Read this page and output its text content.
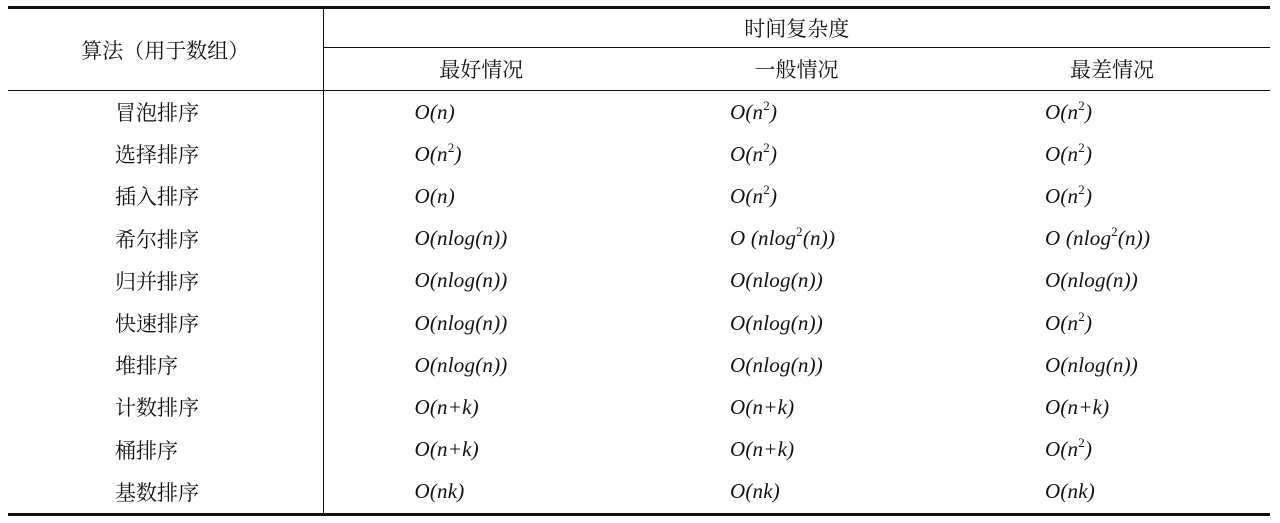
算法（用于数组）	时间复杂度		
	最好情况	一般情况	最差情况
冒泡排序	O(n)	$O(n^2)$	$O(n^2)$
选择排序	$O(n^2)$	$O(n^2)$	$O(n^2)$
插入排序	O(n)	$O(n^2)$	$O(n^2)$
希尔排序	O(nlog(n))	O (nlog$^2$(n))	O (nlog$^2$(n))
归并排序	O(nlog(n))	O(nlog(n))	O(nlog(n))
快速排序	O(nlog(n))	O(nlog(n))	$O(n^2)$
堆排序	O(nlog(n))	O(nlog(n))	O(nlog(n))
计数排序	O(n+k)	O(n+k)	O(n+k)
桶排序	O(n+k)	O(n+k)	$O(n^2)$
基数排序	O(nk)	O(nk)	O(nk)
